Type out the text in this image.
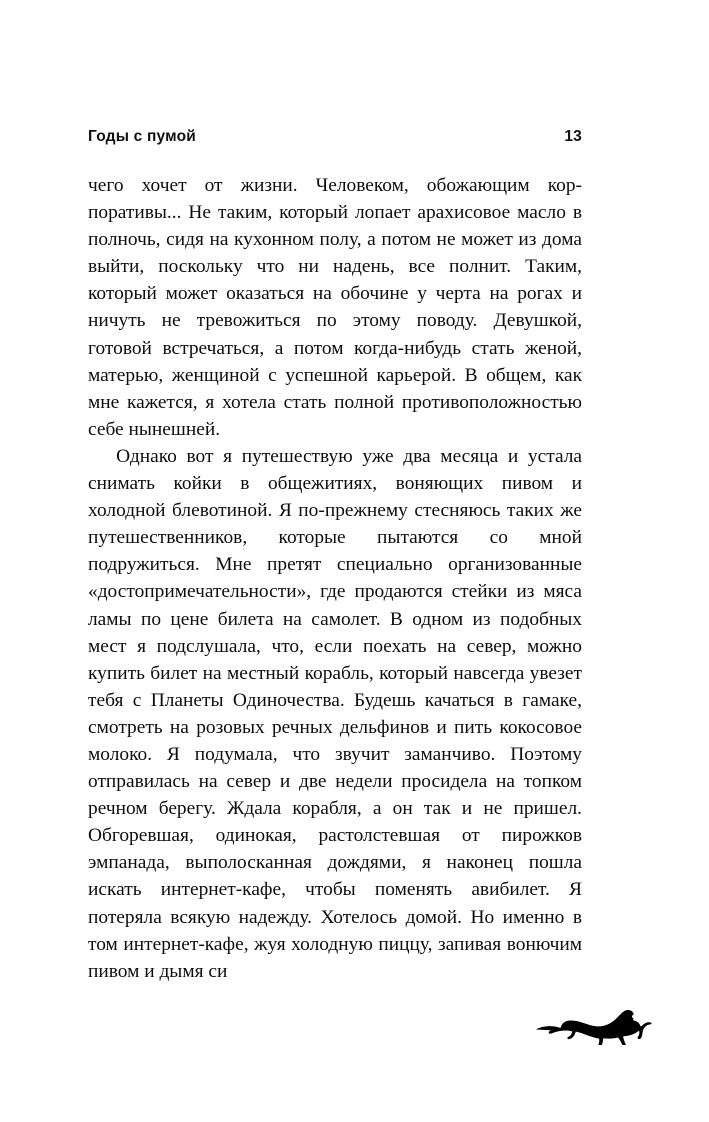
Годы с пумой	13

чего хочет от жизни. Человеком, обожающим корпоративы... Не таким, который лопает арахисовое масло в полночь, сидя на кухонном полу, а потом не может из дома выйти, поскольку что ни надень, все полнит. Таким, который может оказаться на обочине у черта на рогах и ничуть не тревожиться по этому поводу. Девушкой, готовой встречаться, а потом когда-нибудь стать женой, матерью, женщиной с успешной карьерой. В общем, как мне кажется, я хотела стать полной противоположностью себе нынешней.

Однако вот я путешествую уже два месяца и устала снимать койки в общежитиях, воняющих пивом и холодной блевотиной. Я по-прежнему стесняюсь таких же путешественников, которые пытаются со мной подружиться. Мне претят специально организованные «достопримечательности», где продаются стейки из мяса ламы по цене билета на самолет. В одном из подобных мест я подслушала, что, если поехать на север, можно купить билет на местный корабль, который навсегда увезет тебя с Планеты Одиночества. Будешь качаться в гамаке, смотреть на розовых речных дельфинов и пить кокосовое молоко. Я подумала, что звучит заманчиво. Поэтому отправилась на север и две недели просидела на топком речном берегу. Ждала корабля, а он так и не пришел. Обгоревшая, одинокая, растолстевшая от пирожков эмпанада, выполосканная дождями, я наконец пошла искать интернет-кафе, чтобы поменять авибилет. Я потеряла всякую надежду. Хотелось домой. Но именно в том интернет-кафе, жуя холодную пиццу, запивая вонючим пивом и дымя си
